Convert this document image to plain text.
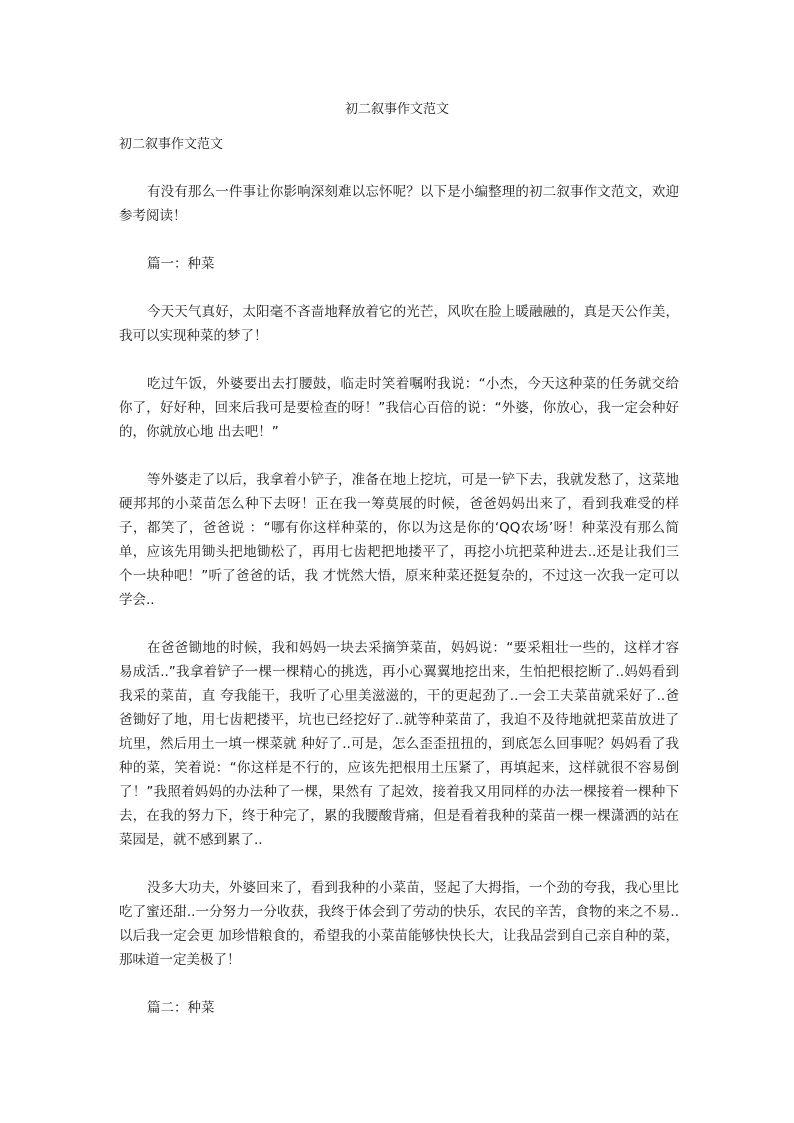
初二叙事作文范文
初二叙事作文范文

有没有那么一件事让你影响深刻难以忘怀呢？以下是小编整理的初二叙事作文范文，欢迎参考阅读！

篇一：种菜

今天天气真好，太阳毫不吝啬地释放着它的光芒，风吹在脸上暖融融的，真是天公作美，我可以实现种菜的梦了！

吃过午饭，外婆要出去打腰鼓，临走时笑着嘱咐我说：“小杰，今天这种菜的任务就交给你了，好好种，回来后我可是要检查的呀！”我信心百倍的说：“外婆，你放心，我一定会种好的，你就放心地 出去吧！”

等外婆走了以后，我拿着小铲子，准备在地上挖坑，可是一铲下去，我就发愁了，这菜地硬邦邦的小菜苗怎么种下去呀！正在我一筹莫展的时候，爸爸妈妈出来了，看到我难受的样子，都笑了，爸爸说 ：“哪有你这样种菜的，你以为这是你的‘QQ农场’呀！种菜没有那么简单，应该先用锄头把地锄松了，再用七齿耙把地搂平了，再挖小坑把菜种进去..还是让我们三个一块种吧！”听了爸爸的话，我 才恍然大悟，原来种菜还挺复杂的，不过这一次我一定可以学会..

在爸爸锄地的时候，我和妈妈一块去采摘笋菜苗，妈妈说：“要采粗壮一些的，这样才容易成活..”我拿着铲子一棵一棵精心的挑选，再小心翼翼地挖出来，生怕把根挖断了..妈妈看到我采的菜苗，直 夸我能干，我听了心里美滋滋的，干的更起劲了..一会工夫菜苗就采好了..爸爸锄好了地，用七齿耙搂平，坑也已经挖好了..就等种菜苗了，我迫不及待地就把菜苗放进了坑里，然后用土一填一棵菜就 种好了..可是，怎么歪歪扭扭的，到底怎么回事呢？妈妈看了我种的菜，笑着说：“你这样是不行的，应该先把根用土压紧了，再填起来，这样就很不容易倒了！”我照着妈妈的办法种了一棵，果然有 了起效，接着我又用同样的办法一棵接着一棵种下去，在我的努力下，终于种完了，累的我腰酸背痛，但是看着我种的菜苗一棵一棵潇洒的站在菜园是，就不感到累了..

没多大功夫，外婆回来了，看到我种的小菜苗，竖起了大拇指，一个劲的夸我，我心里比吃了蜜还甜..一分努力一分收获，我终于体会到了劳动的快乐，农民的辛苦，食物的来之不易..以后我一定会更 加珍惜粮食的，希望我的小菜苗能够快快长大，让我品尝到自己亲自种的菜，那味道一定美极了！

篇二：种菜
